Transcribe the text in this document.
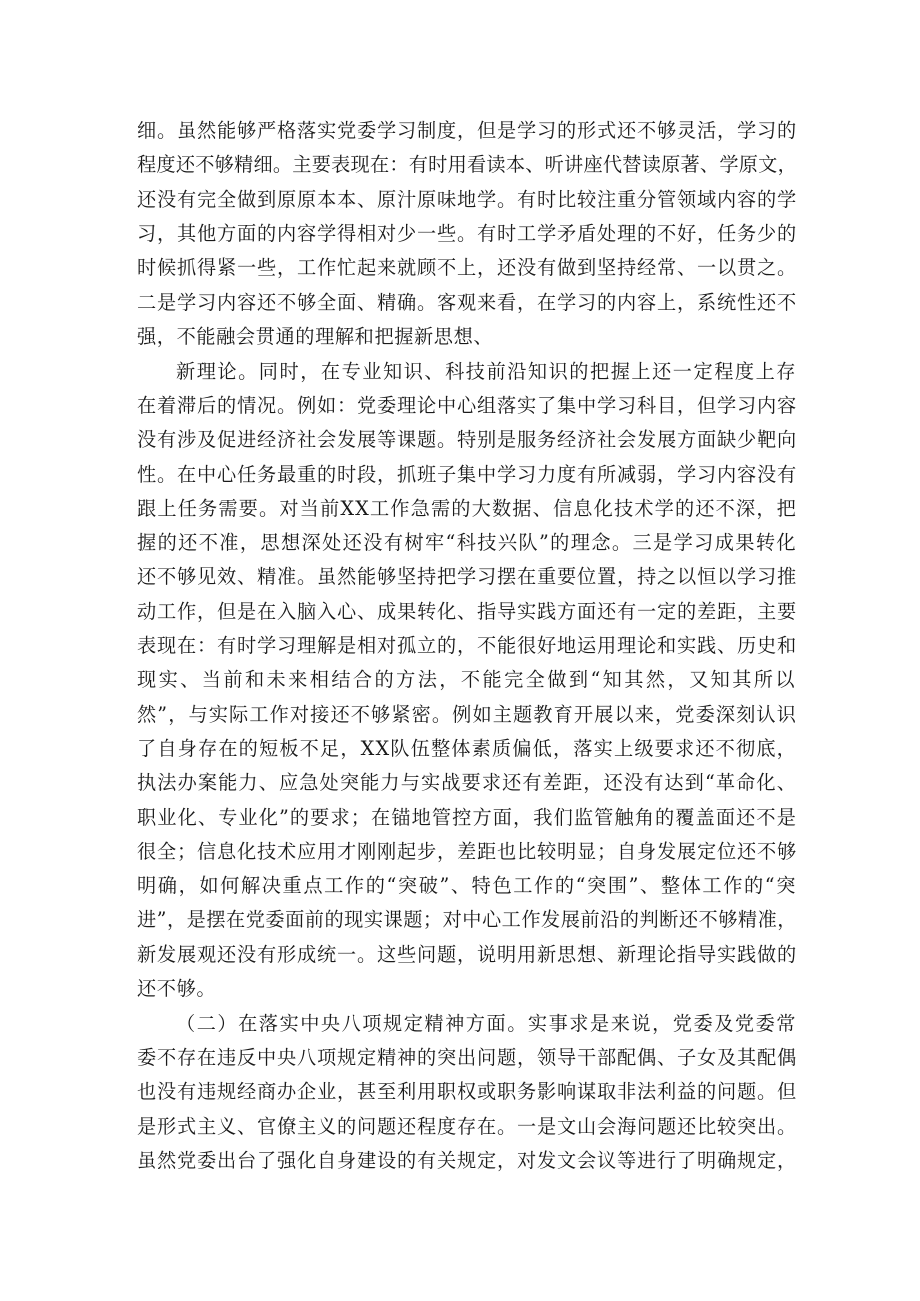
细。虽然能够严格落实党委学习制度，但是学习的形式还不够灵活，学习的
程度还不够精细。主要表现在：有时用看读本、听讲座代替读原著、学原文，
还没有完全做到原原本本、原汁原味地学。有时比较注重分管领域内容的学
习，其他方面的内容学得相对少一些。有时工学矛盾处理的不好，任务少的
时候抓得紧一些，工作忙起来就顾不上，还没有做到坚持经常、一以贯之。
二是学习内容还不够全面、精确。客观来看，在学习的内容上，系统性还不
强，不能融会贯通的理解和把握新思想、
新理论。同时，在专业知识、科技前沿知识的把握上还一定程度上存
在着滞后的情况。例如：党委理论中心组落实了集中学习科目，但学习内容
没有涉及促进经济社会发展等课题。特别是服务经济社会发展方面缺少靶向
性。在中心任务最重的时段，抓班子集中学习力度有所减弱，学习内容没有
跟上任务需要。对当前XX工作急需的大数据、信息化技术学的还不深，把
握的还不准，思想深处还没有树牢“科技兴队”的理念。三是学习成果转化
还不够见效、精准。虽然能够坚持把学习摆在重要位置，持之以恒以学习推
动工作，但是在入脑入心、成果转化、指导实践方面还有一定的差距，主要
表现在：有时学习理解是相对孤立的，不能很好地运用理论和实践、历史和
现实、当前和未来相结合的方法，不能完全做到“知其然，又知其所以
然”，与实际工作对接还不够紧密。例如主题教育开展以来，党委深刻认识
了自身存在的短板不足，XX队伍整体素质偏低，落实上级要求还不彻底，
执法办案能力、应急处突能力与实战要求还有差距，还没有达到“革命化、
职业化、专业化”的要求；在锚地管控方面，我们监管触角的覆盖面还不是
很全；信息化技术应用才刚刚起步，差距也比较明显；自身发展定位还不够
明确，如何解决重点工作的“突破”、特色工作的“突围”、整体工作的“突
进”，是摆在党委面前的现实课题；对中心工作发展前沿的判断还不够精准，
新发展观还没有形成统一。这些问题，说明用新思想、新理论指导实践做的
还不够。
（二）在落实中央八项规定精神方面。实事求是来说，党委及党委常
委不存在违反中央八项规定精神的突出问题，领导干部配偶、子女及其配偶
也没有违规经商办企业，甚至利用职权或职务影响谋取非法利益的问题。但
是形式主义、官僚主义的问题还程度存在。一是文山会海问题还比较突出。
虽然党委出台了强化自身建设的有关规定，对发文会议等进行了明确规定，
